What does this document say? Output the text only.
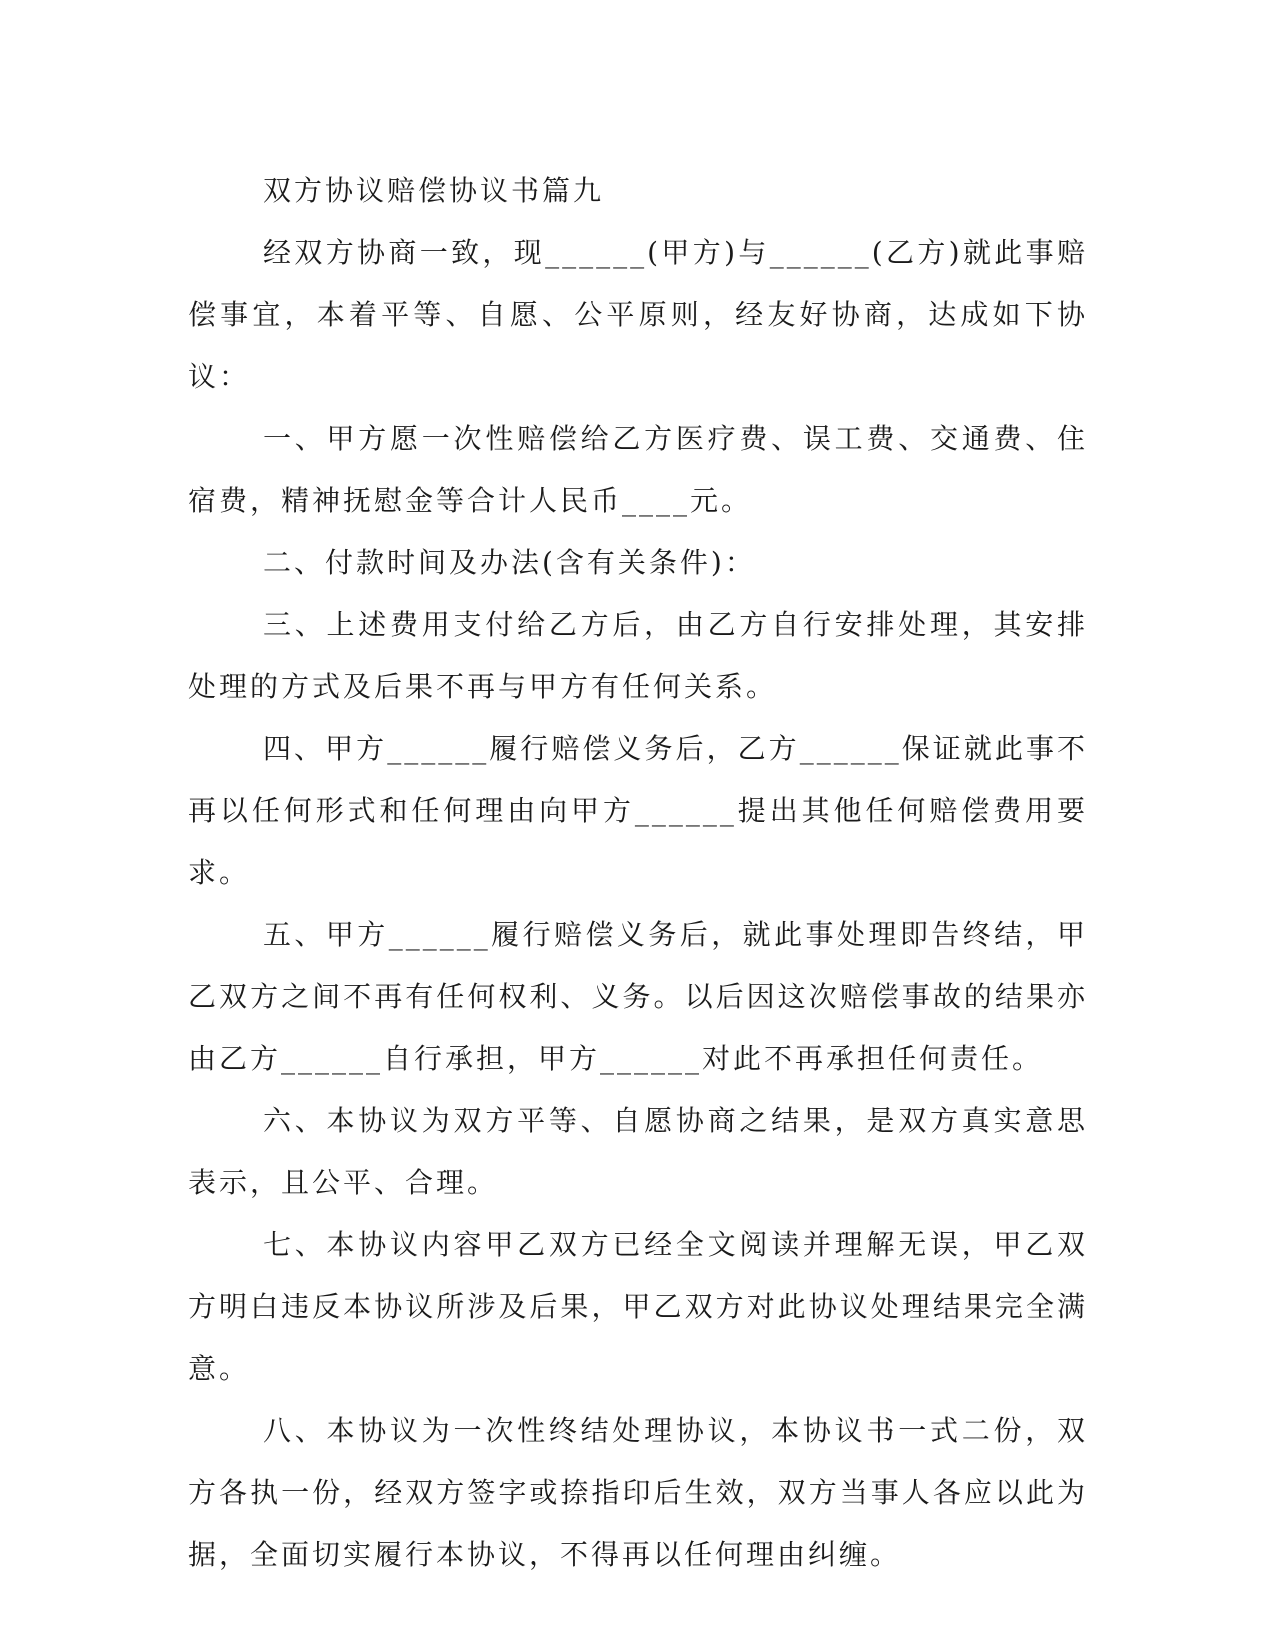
双方协议赔偿协议书篇九

经双方协商一致，现______(甲方)与______(乙方)就此事赔偿事宜，本着平等、自愿、公平原则，经友好协商，达成如下协议：

一、甲方愿一次性赔偿给乙方医疗费、误工费、交通费、住宿费，精神抚慰金等合计人民币____元。

二、付款时间及办法(含有关条件)：

三、上述费用支付给乙方后，由乙方自行安排处理，其安排处理的方式及后果不再与甲方有任何关系。

四、甲方______履行赔偿义务后，乙方______保证就此事不再以任何形式和任何理由向甲方______提出其他任何赔偿费用要求。

五、甲方______履行赔偿义务后，就此事处理即告终结，甲乙双方之间不再有任何权利、义务。以后因这次赔偿事故的结果亦由乙方______自行承担，甲方______对此不再承担任何责任。

六、本协议为双方平等、自愿协商之结果，是双方真实意思表示，且公平、合理。

七、本协议内容甲乙双方已经全文阅读并理解无误，甲乙双方明白违反本协议所涉及后果，甲乙双方对此协议处理结果完全满意。

八、本协议为一次性终结处理协议，本协议书一式二份，双方各执一份，经双方签字或捺指印后生效，双方当事人各应以此为据，全面切实履行本协议，不得再以任何理由纠缠。
